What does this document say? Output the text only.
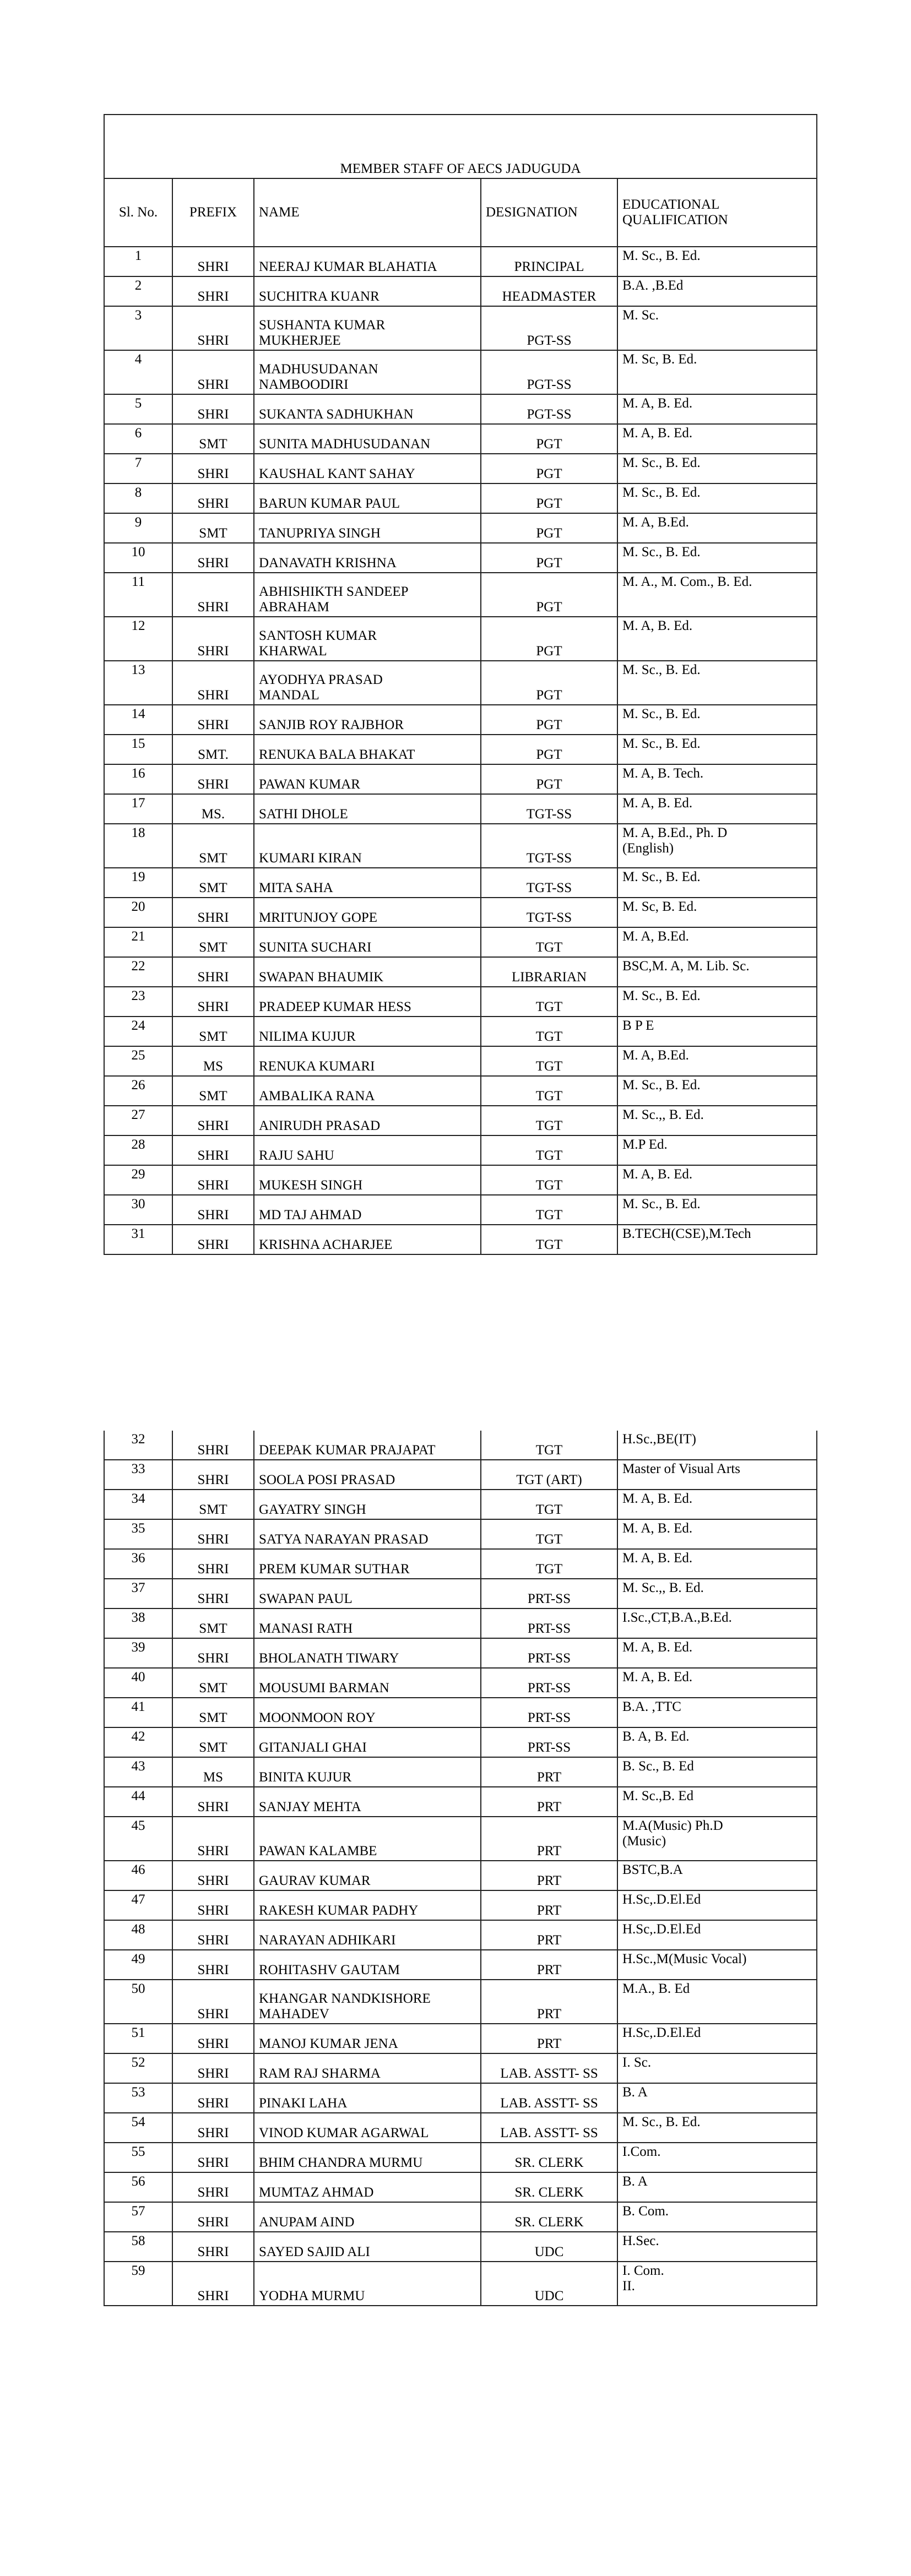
MEMBER STAFF OF AECS JADUGUDA				
Sl. No.	PREFIX	NAME	DESIGNATION	EDUCATIONAL QUALIFICATION
1	SHRI	NEERAJ KUMAR BLAHATIA	PRINCIPAL	M. Sc., B. Ed.
2	SHRI	SUCHITRA KUANR	HEADMASTER	B.A. ,B.Ed
3	SHRI	SUSHANTA KUMAR
MUKHERJEE	PGT-SS	M. Sc.
4	SHRI	MADHUSUDANAN
NAMBOODIRI	PGT-SS	M. Sc, B. Ed.
5	SHRI	SUKANTA SADHUKHAN	PGT-SS	M. A, B. Ed.
6	SMT	SUNITA MADHUSUDANAN	PGT	M. A, B. Ed.
7	SHRI	KAUSHAL KANT SAHAY	PGT	M. Sc., B. Ed.
8	SHRI	BARUN KUMAR PAUL	PGT	M. Sc., B. Ed.
9	SMT	TANUPRIYA SINGH	PGT	M. A, B.Ed.
10	SHRI	DANAVATH KRISHNA	PGT	M. Sc., B. Ed.
11	SHRI	ABHISHIKTH SANDEEP
ABRAHAM	PGT	M. A., M. Com., B. Ed.
12	SHRI	SANTOSH KUMAR
KHARWAL	PGT	M. A, B. Ed.
13	SHRI	AYODHYA PRASAD
MANDAL	PGT	M. Sc., B. Ed.
14	SHRI	SANJIB ROY RAJBHOR	PGT	M. Sc., B. Ed.
15	SMT.	RENUKA BALA BHAKAT	PGT	M. Sc., B. Ed.
16	SHRI	PAWAN KUMAR	PGT	M. A, B. Tech.
17	MS.	SATHI DHOLE	TGT-SS	M. A, B. Ed.
18	SMT	KUMARI KIRAN	TGT-SS	M. A, B.Ed., Ph. D
(English)
19	SMT	MITA SAHA	TGT-SS	M. Sc., B. Ed.
20	SHRI	MRITUNJOY GOPE	TGT-SS	M. Sc, B. Ed.
21	SMT	SUNITA SUCHARI	TGT	M. A, B.Ed.
22	SHRI	SWAPAN BHAUMIK	LIBRARIAN	BSC,M. A, M. Lib. Sc.
23	SHRI	PRADEEP KUMAR HESS	TGT	M. Sc., B. Ed.
24	SMT	NILIMA KUJUR	TGT	B P E
25	MS	RENUKA KUMARI	TGT	M. A, B.Ed.
26	SMT	AMBALIKA RANA	TGT	M. Sc., B. Ed.
27	SHRI	ANIRUDH PRASAD	TGT	M. Sc.,, B. Ed.
28	SHRI	RAJU SAHU	TGT	M.P Ed.
29	SHRI	MUKESH SINGH	TGT	M. A, B. Ed.
30	SHRI	MD TAJ AHMAD	TGT	M. Sc., B. Ed.
31	SHRI	KRISHNA ACHARJEE	TGT	B.TECH(CSE),M.Tech
32	SHRI	DEEPAK KUMAR PRAJAPAT	TGT	H.Sc.,BE(IT)
33	SHRI	SOOLA POSI PRASAD	TGT (ART)	Master of Visual Arts
34	SMT	GAYATRY SINGH	TGT	M. A, B. Ed.
35	SHRI	SATYA NARAYAN PRASAD	TGT	M. A, B. Ed.
36	SHRI	PREM KUMAR SUTHAR	TGT	M. A, B. Ed.
37	SHRI	SWAPAN PAUL	PRT-SS	M. Sc.,, B. Ed.
38	SMT	MANASI RATH	PRT-SS	I.Sc.,CT,B.A.,B.Ed.
39	SHRI	BHOLANATH TIWARY	PRT-SS	M. A, B. Ed.
40	SMT	MOUSUMI BARMAN	PRT-SS	M. A, B. Ed.
41	SMT	MOONMOON ROY	PRT-SS	B.A. ,TTC
42	SMT	GITANJALI GHAI	PRT-SS	B. A, B. Ed.
43	MS	BINITA KUJUR	PRT	B. Sc., B. Ed
44	SHRI	SANJAY MEHTA	PRT	M. Sc.,B. Ed
45	SHRI	PAWAN KALAMBE	PRT	M.A(Music) Ph.D
(Music)
46	SHRI	GAURAV KUMAR	PRT	BSTC,B.A
47	SHRI	RAKESH KUMAR PADHY	PRT	H.Sc,.D.El.Ed
48	SHRI	NARAYAN ADHIKARI	PRT	H.Sc,.D.El.Ed
49	SHRI	ROHITASHV GAUTAM	PRT	H.Sc.,M(Music Vocal)
50	SHRI	KHANGAR NANDKISHORE
MAHADEV	PRT	M.A., B. Ed
51	SHRI	MANOJ KUMAR JENA	PRT	H.Sc,.D.El.Ed
52	SHRI	RAM RAJ SHARMA	LAB. ASSTT- SS	I. Sc.
53	SHRI	PINAKI LAHA	LAB. ASSTT- SS	B. A
54	SHRI	VINOD KUMAR AGARWAL	LAB. ASSTT- SS	M. Sc., B. Ed.
55	SHRI	BHIM CHANDRA MURMU	SR. CLERK	I.Com.
56	SHRI	MUMTAZ AHMAD	SR. CLERK	B. A
57	SHRI	ANUPAM AIND	SR. CLERK	B. Com.
58	SHRI	SAYED SAJID ALI	UDC	H.Sec.
59	SHRI	YODHA MURMU	UDC	I. Com.
II.
